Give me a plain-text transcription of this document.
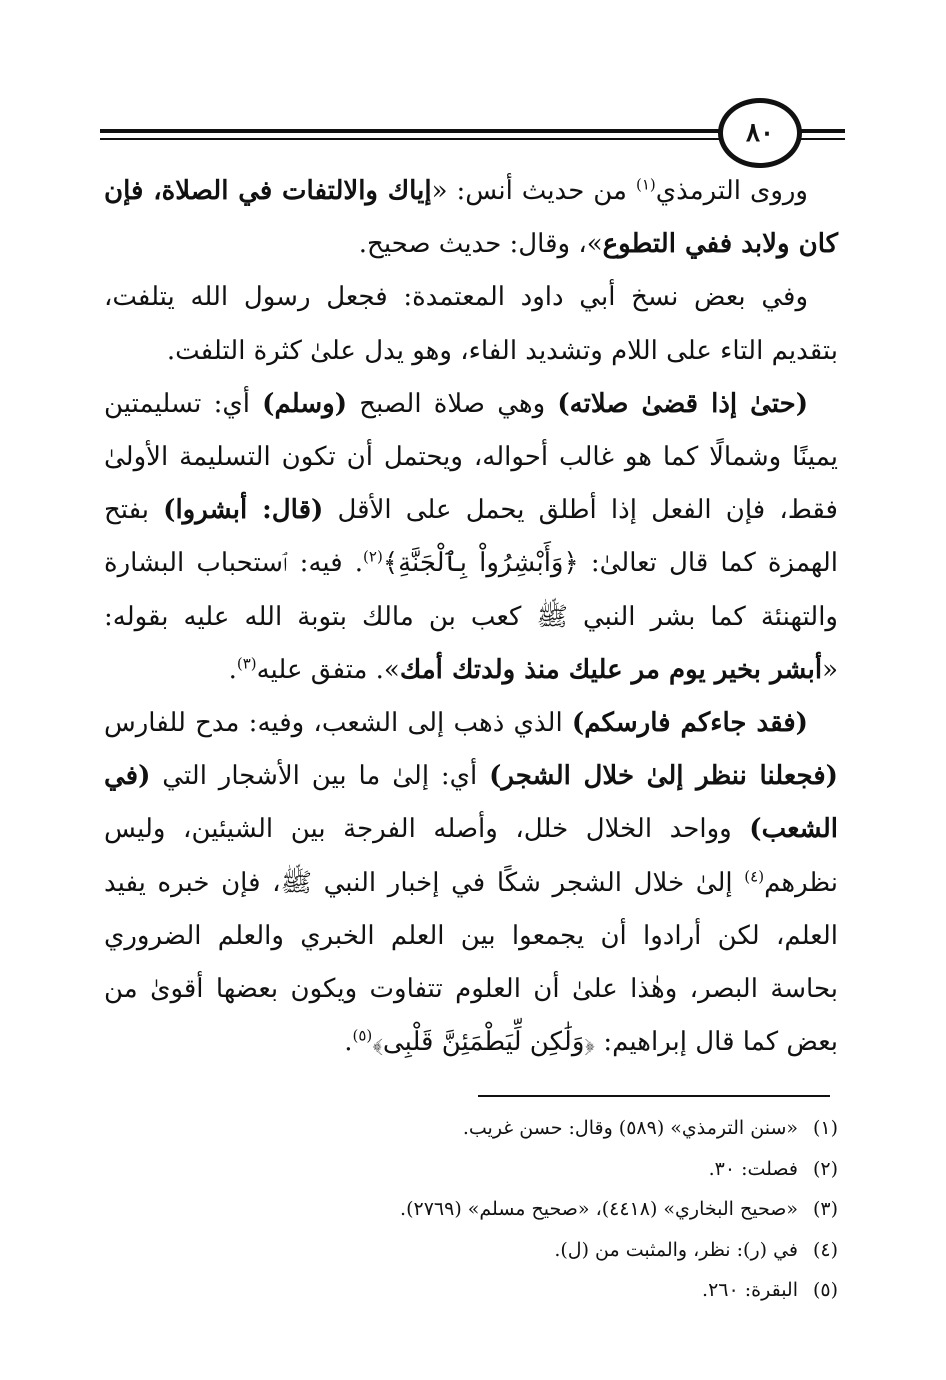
٨٠

وروى الترمذي$^{(١)}$ من حديث أنس: «إياك والالتفات في الصلاة، فإن كان ولابد ففي التطوع»، وقال: حديث صحيح.

وفي بعض نسخ أبي داود المعتمدة: فجعل رسول الله يتلفت، بتقديم التاء على اللام وتشديد الفاء، وهو يدل علىٰ كثرة التلفت.

(حتىٰ إذا قضىٰ صلاته) وهي صلاة الصبح (وسلم) أي: تسليمتين يمينًا وشمالًا كما هو غالب أحواله، ويحتمل أن تكون التسليمة الأولىٰ فقط، فإن الفعل إذا أطلق يحمل على الأقل (قال: أبشروا) بفتح الهمزة كما قال تعالىٰ: ﴿وَأَبْشِرُواْ بِٱلْجَنَّةِ﴾$^{(٢)}$. فيه: ٱستحباب البشارة والتهنئة كما بشر النبي ﷺ كعب بن مالك بتوبة الله عليه بقوله: «أبشر بخير يوم مر عليك منذ ولدتك أمك». متفق عليه$^{(٣)}$.

(فقد جاءكم فارسكم) الذي ذهب إلى الشعب، وفيه: مدح للفارس (فجعلنا ننظر إلىٰ خلال الشجر) أي: إلىٰ ما بين الأشجار التي (في الشعب) وواحد الخلال خلل، وأصله الفرجة بين الشيئين، وليس نظرهم$^{(٤)}$ إلىٰ خلال الشجر شكًا في إخبار النبي ﷺ، فإن خبره يفيد العلم، لكن أرادوا أن يجمعوا بين العلم الخبري والعلم الضروري بحاسة البصر، وهٰذا علىٰ أن العلوم تتفاوت ويكون بعضها أقوىٰ من بعض كما قال إبراهيم: ﴿وَلَٰكِن لِّيَطْمَئِنَّ قَلْبِى﴾$^{(٥)}$.

(١)«سنن الترمذي» (٥٨٩) وقال: حسن غريب.

(٢)فصلت: ٣٠.

(٣)«صحيح البخاري» (٤٤١٨)، «صحيح مسلم» (٢٧٦٩).

(٤)في (ر): نظر، والمثبت من (ل).

(٥)البقرة: ٢٦٠.
